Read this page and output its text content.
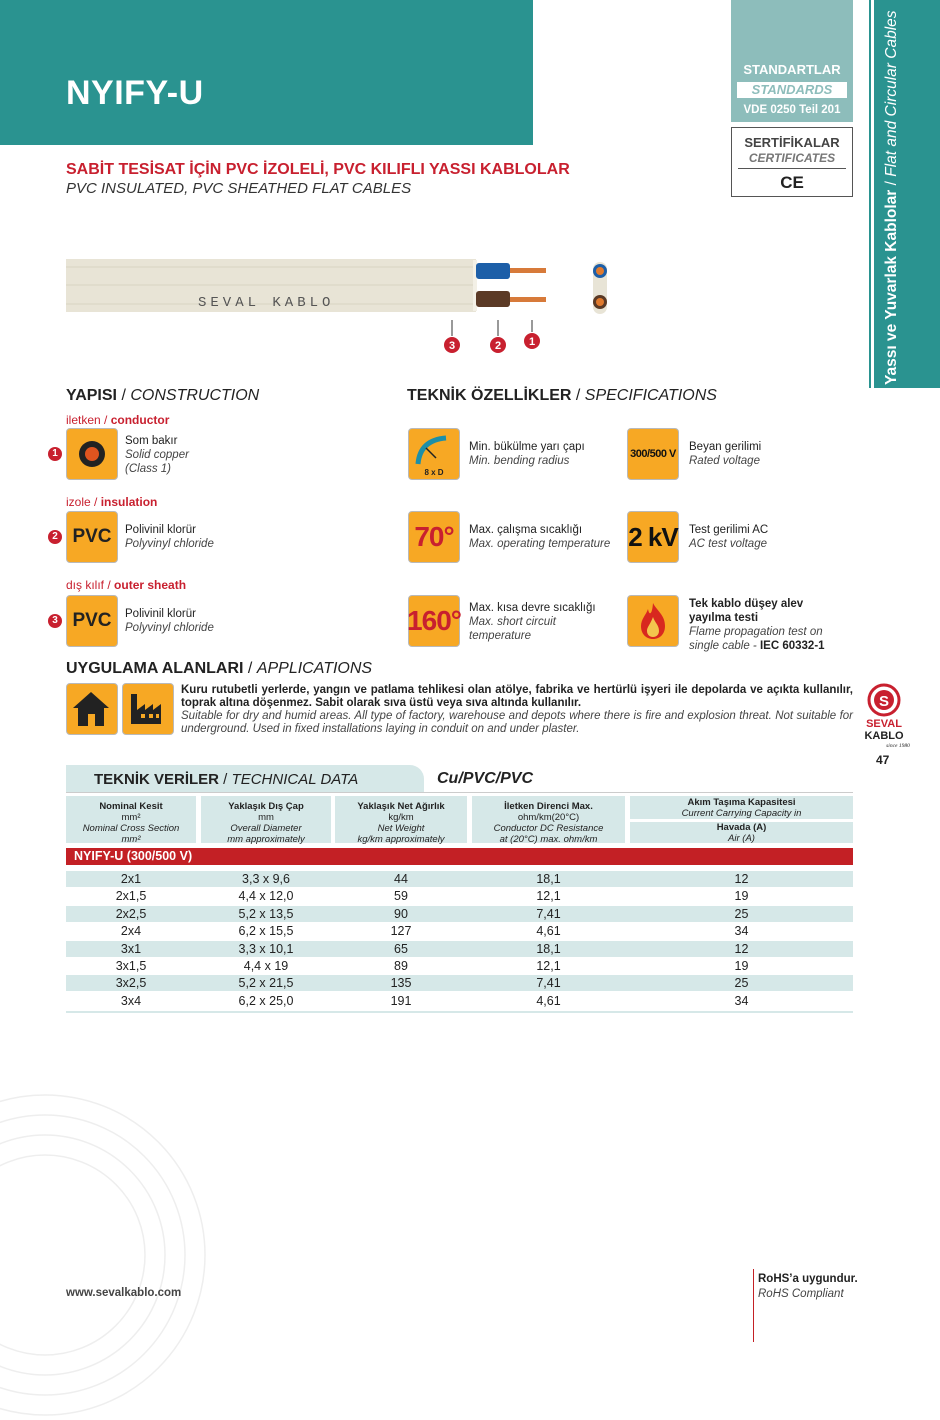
NYIFY-U
STANDARTLAR
STANDARDS
VDE 0250 Teil 201
SERTİFİKALAR
CERTIFICATES
CE
Yassı ve Yuvarlak Kablolar / Flat and Circular Cables
SABİT TESİSAT İÇİN PVC İZOLELİ, PVC KILIFLI YASSI KABLOLAR
PVC INSULATED, PVC SHEATHED FLAT CABLES
SEVAL KABLO
3	2	1
YAPISI / CONSTRUCTION
iletken / conductor
1
Som bakır
Solid copper
(Class 1)
izole / insulation
2 PVC Polivinil klorür
Polyvinyl chloride
dış kılıf / outer sheath
3 PVC Polivinil klorür
Polyvinyl chloride
TEKNİK ÖZELLİKLER / SPECIFICATIONS
8 x D
Min. bükülme yarı çapı
Min. bending radius
300/500 V
Beyan gerilimi
Rated voltage
70° Max. çalışma sıcaklığı
Max. operating temperature 2 kV Test gerilimi AC
AC test voltage
160° Max. kısa devre sıcaklığı
Max. short circuit temperature
Tek kablo düşey alev yayılma testi
Flame propagation test on single cable - IEC 60332-1
UYGULAMA ALANLARI / APPLICATIONS
Kuru rutubetli yerlerde, yangın ve patlama tehlikesi olan atölye, fabrika ve hertürlü işyeri ile depolarda ve açıkta kullanılır, toprak altına döşenmez. Sabit olarak sıva üstü veya sıva altında kullanılır.
Suitable for dry and humid areas. All type of factory, warehouse and depots where there is fire and explosion threat. Not suitable for underground. Used in fixed installations laying in conduit on and under plaster.
S
SEVAL
KABLO
since 1980
47
TEKNİK VERİLER / TECHNICAL DATA	Cu/PVC/PVC
Nominal Kesit
mm²
Nominal Cross Section
mm²
Yaklaşık Dış Çap
mm
Overall Diameter
mm approximately
Yaklaşık Net Ağırlık
kg/km
Net Weight
kg/km approximately
İletken Direnci Max.
ohm/km(20°C)
Conductor DC Resistance
at (20°C) max. ohm/km
Akım Taşıma Kapasitesi
Current Carrying Capacity in
Havada (A)
Air (A)
NYIFY-U (300/500 V)
2x1	3,3 x 9,6	44	18,1	12
2x1,5	4,4 x 12,0	59	12,1	19
2x2,5	5,2 x 13,5	90	7,41	25
2x4	6,2 x 15,5	127	4,61	34
3x1	3,3 x 10,1	65	18,1	12
3x1,5	4,4 x 19	89	12,1	19
3x2,5	5,2 x 21,5	135	7,41	25
3x4	6,2 x 25,0	191	4,61	34
www.sevalkablo.com
RoHS’a uygundur.
RoHS Compliant
